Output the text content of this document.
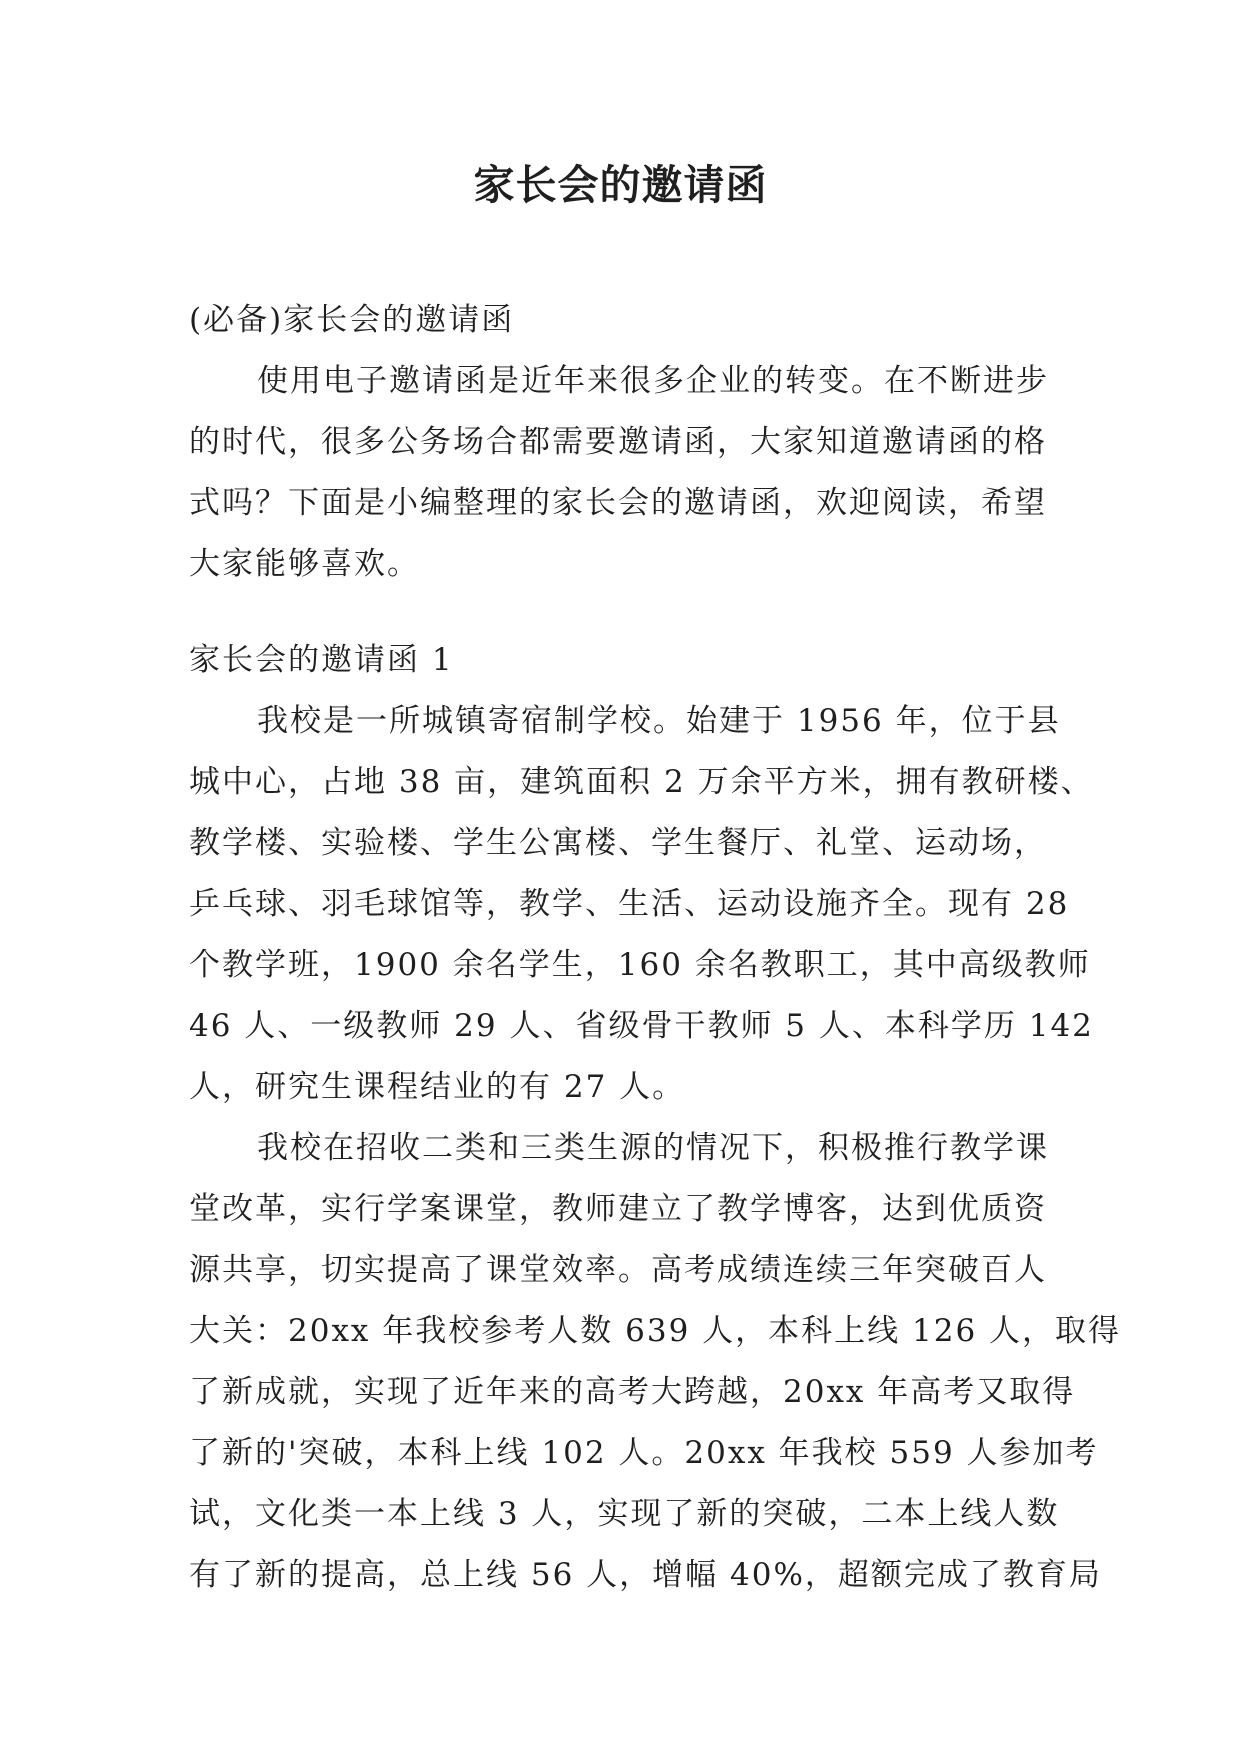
家长会的邀请函
(必备)家长会的邀请函
使用电子邀请函是近年来很多企业的转变。在不断进步
的时代，很多公务场合都需要邀请函，大家知道邀请函的格
式吗？下面是小编整理的家长会的邀请函，欢迎阅读，希望
大家能够喜欢。
家长会的邀请函 1
我校是一所城镇寄宿制学校。始建于 1956 年，位于县
城中心，占地 38 亩，建筑面积 2 万余平方米，拥有教研楼、
教学楼、实验楼、学生公寓楼、学生餐厅、礼堂、运动场，
乒乓球、羽毛球馆等，教学、生活、运动设施齐全。现有 28
个教学班，1900 余名学生，160 余名教职工，其中高级教师
46 人、一级教师 29 人、省级骨干教师 5 人、本科学历 142
人，研究生课程结业的有 27 人。
我校在招收二类和三类生源的情况下，积极推行教学课
堂改革，实行学案课堂，教师建立了教学博客，达到优质资
源共享，切实提高了课堂效率。高考成绩连续三年突破百人
大关：20xx 年我校参考人数 639 人，本科上线 126 人，取得
了新成就，实现了近年来的高考大跨越，20xx 年高考又取得
了新的'突破，本科上线 102 人。20xx 年我校 559 人参加考
试，文化类一本上线 3 人，实现了新的突破，二本上线人数
有了新的提高，总上线 56 人，增幅 40%，超额完成了教育局
